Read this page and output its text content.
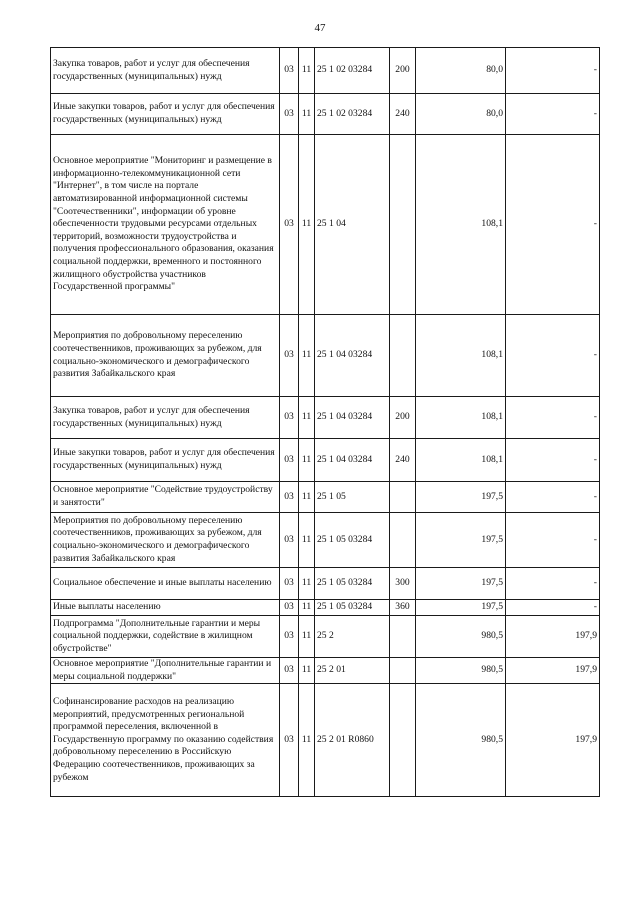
47
Закупка товаров, работ и услуг для обеспечения государственных (муниципальных) нужд	03	11	25 1 02 03284	200	80,0	-
Иные закупки товаров, работ и услуг для обеспечения государственных (муниципальных) нужд	03	11	25 1 02 03284	240	80,0	-
Основное мероприятие "Мониторинг и размещение в информационно-телекоммуникационной сети "Интернет", в том числе на портале автоматизированной информационной системы "Соотечественники", информации об уровне обеспеченности трудовыми ресурсами отдельных территорий, возможности трудоустройства и получения профессионального образования, оказания социальной поддержки, временного и постоянного жилищного обустройства участников Государственной программы"	03	11	25 1 04		108,1	-
Мероприятия по добровольному переселению соотечественников, проживающих за рубежом, для социально-экономического и демографического развития Забайкальского края	03	11	25 1 04 03284		108,1	-
Закупка товаров, работ и услуг для обеспечения государственных (муниципальных) нужд	03	11	25 1 04 03284	200	108,1	-
Иные закупки товаров, работ и услуг для обеспечения государственных (муниципальных) нужд	03	11	25 1 04 03284	240	108,1	-
Основное мероприятие "Содействие трудоустройству и занятости"	03	11	25 1 05		197,5	-
Мероприятия по добровольному переселению соотечественников, проживающих за рубежом, для социально-экономического и демографического развития Забайкальского края	03	11	25 1 05 03284		197,5	-
Социальное обеспечение и иные выплаты населению	03	11	25 1 05 03284	300	197,5	-
Иные выплаты населению	03	11	25 1 05 03284	360	197,5	-
Подпрограмма "Дополнительные гарантии и меры социальной поддержки, содействие в жилищном обустройстве"	03	11	25 2		980,5	197,9
Основное мероприятие "Дополнительные гарантии и меры социальной поддержки"	03	11	25 2 01		980,5	197,9
Софинансирование расходов на реализацию мероприятий, предусмотренных региональной программой переселения, включенной в Государственную программу по оказанию содействия добровольному переселению в Российскую Федерацию соотечественников, проживающих за рубежом	03	11	25 2 01 R0860		980,5	197,9
